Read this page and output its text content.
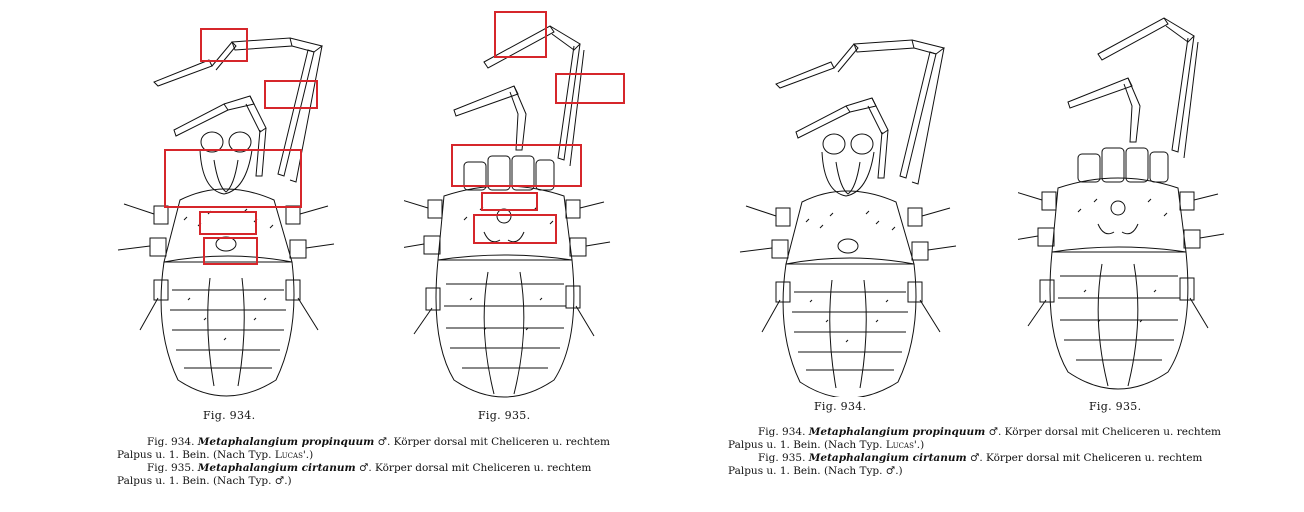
Fig. 934.	Fig. 935.
Fig. 934. Metaphalangium propinquum ♂. Körper dorsal mit Cheliceren u. rechtem
Palpus u. 1. Bein. (Nach Typ. Lucas'.)
Fig. 935. Metaphalangium cirtanum ♂. Körper dorsal mit Cheliceren u. rechtem
Palpus u. 1. Bein. (Nach Typ. ♂.)
Fig. 934.	Fig. 935.
Fig. 934. Metaphalangium propinquum ♂. Körper dorsal mit Cheliceren u. rechtem
Palpus u. 1. Bein. (Nach Typ. Lucas'.)
Fig. 935. Metaphalangium cirtanum ♂. Körper dorsal mit Cheliceren u. rechtem
Palpus u. 1. Bein. (Nach Typ. ♂.)
